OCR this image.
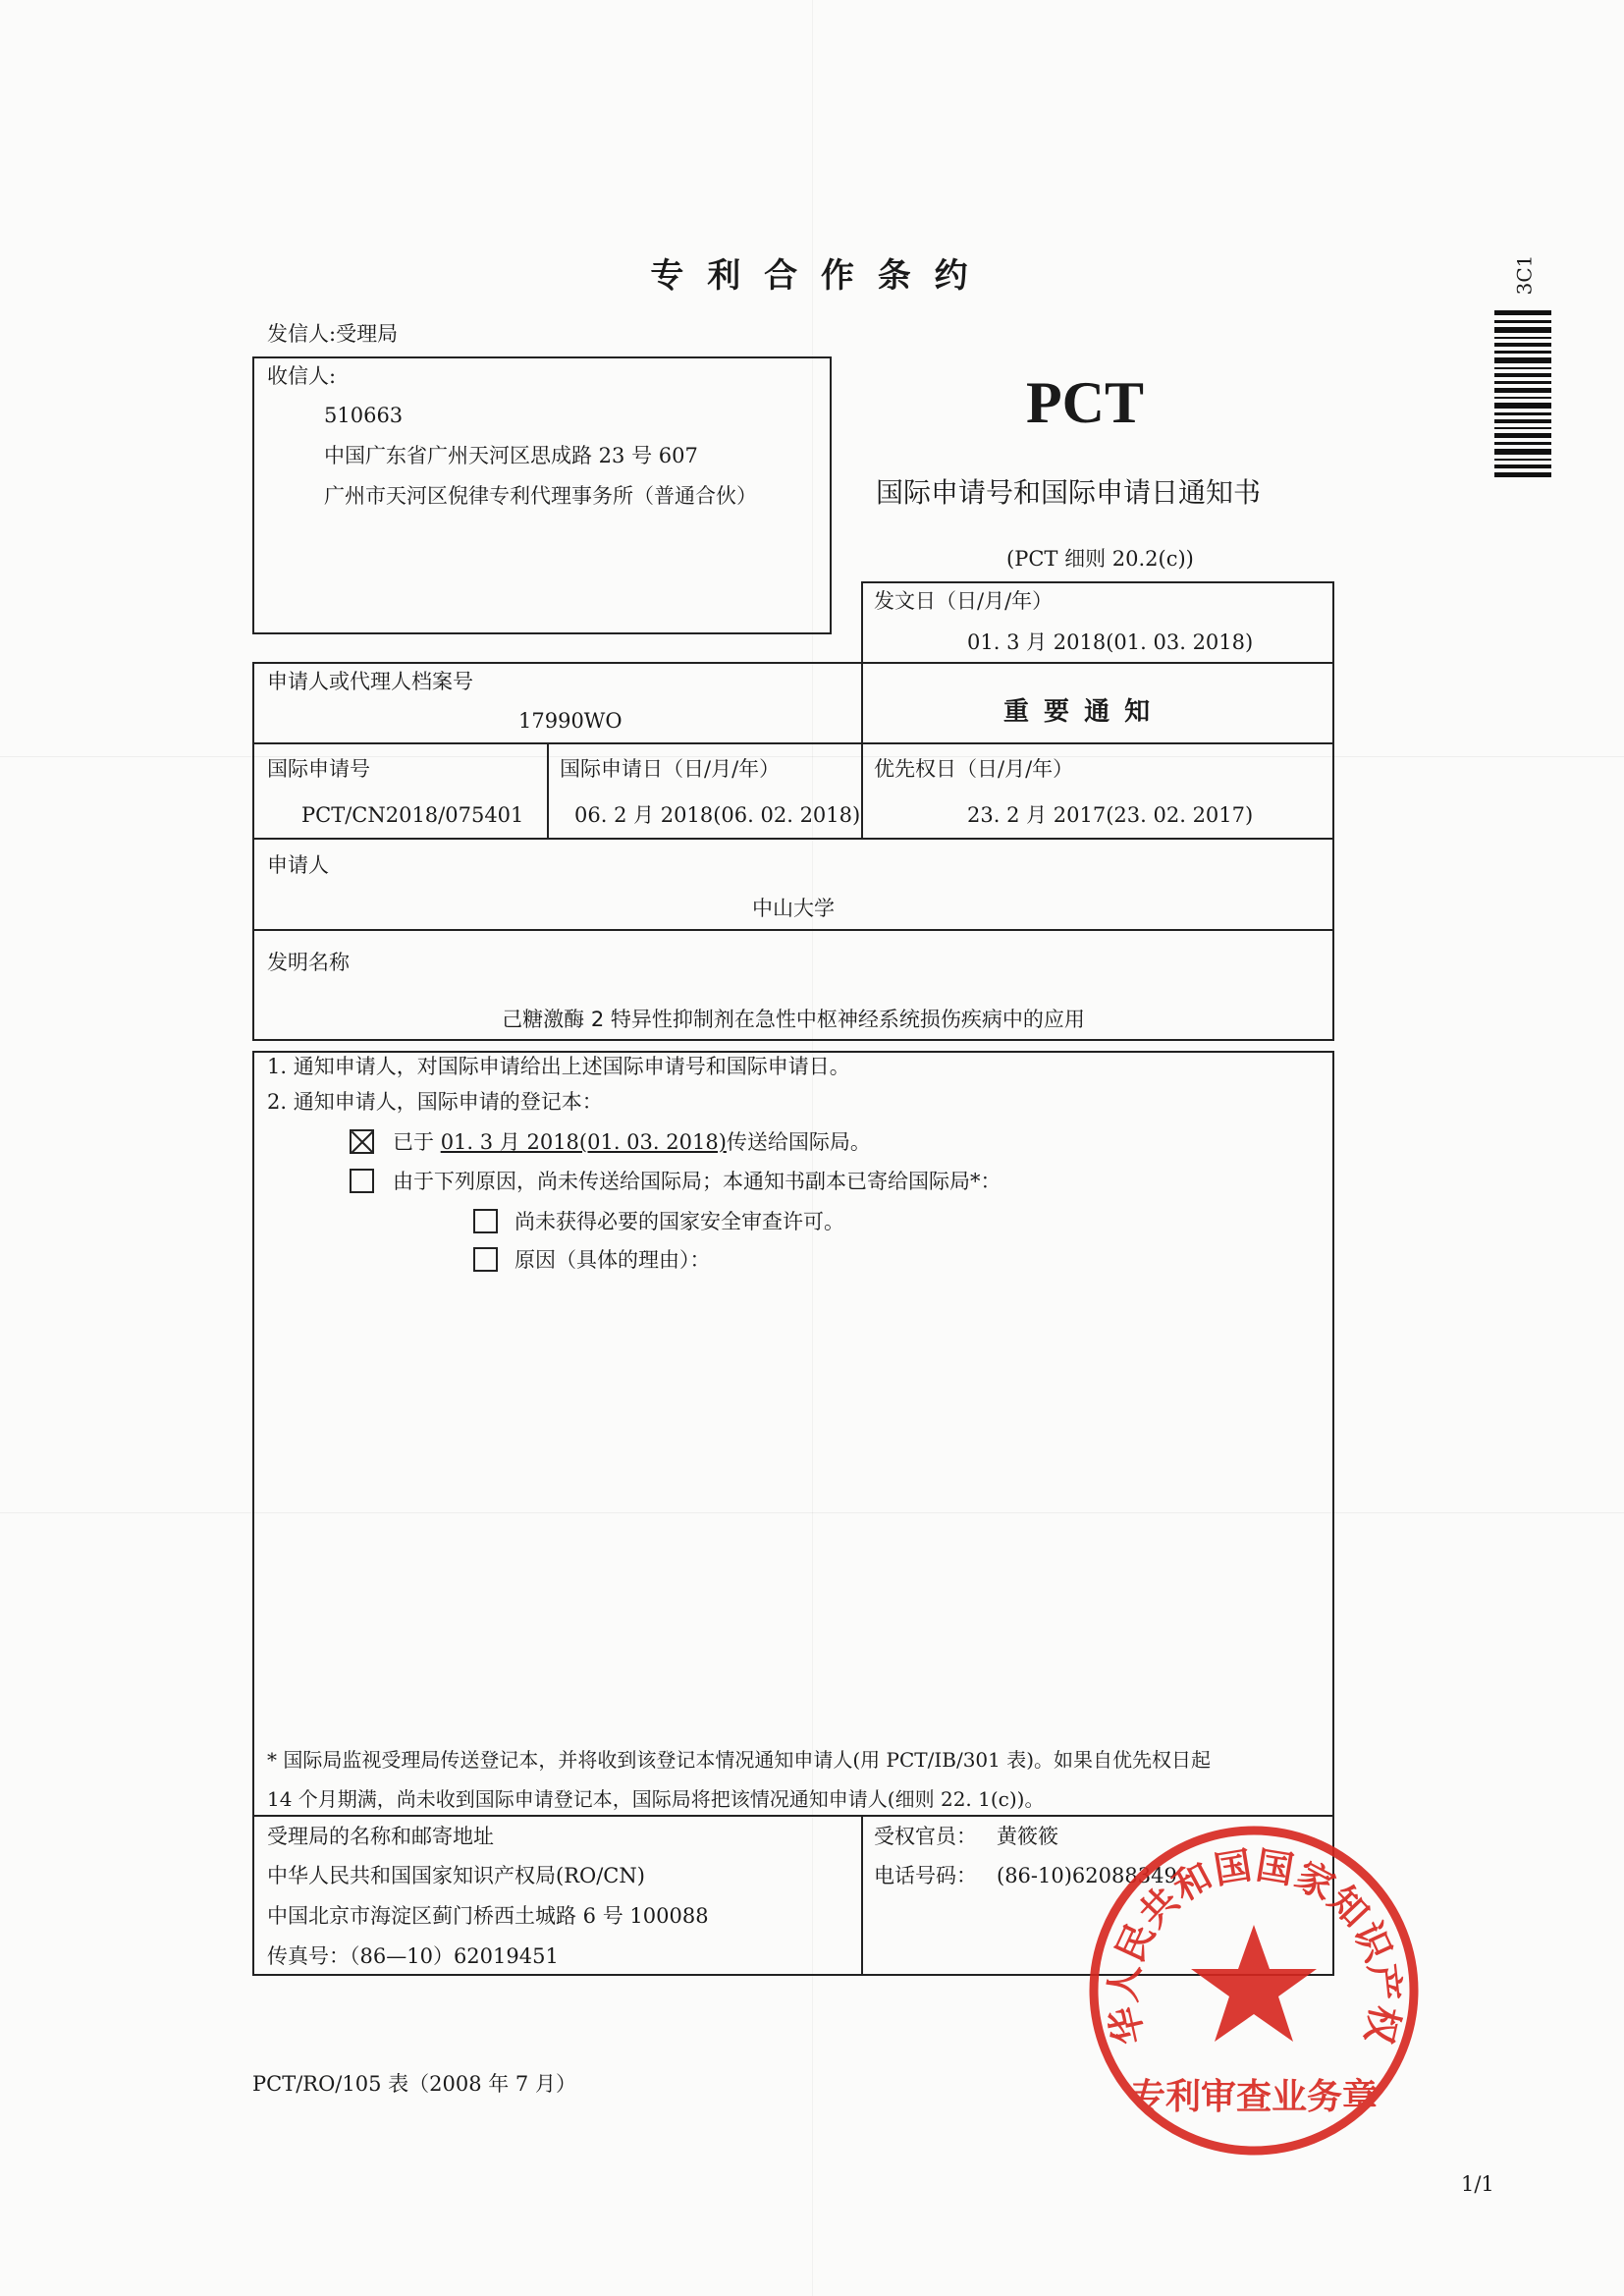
专 利 合 作 条 约
发信人:受理局
3C1
收信人:
510663
中国广东省广州天河区思成路 23 号 607
广州市天河区倪律专利代理事务所（普通合伙）
PCT
国际申请号和国际申请日通知书
(PCT 细则 20.2(c))
发文日（日/月/年）
01. 3 月 2018(01. 03. 2018)
申请人或代理人档案号
17990WO	重 要 通 知
国际申请号
PCT/CN2018/075401
国际申请日（日/月/年）
06. 2 月 2018(06. 02. 2018)
优先权日（日/月/年）
23. 2 月 2017(23. 02. 2017)
申请人
中山大学
发明名称
己糖激酶 2 特异性抑制剂在急性中枢神经系统损伤疾病中的应用
1. 通知申请人，对国际申请给出上述国际申请号和国际申请日。
2. 通知申请人，国际申请的登记本：
已于 01. 3 月 2018(01. 03. 2018)传送给国际局。
由于下列原因，尚未传送给国际局；本通知书副本已寄给国际局*：
尚未获得必要的国家安全审查许可。
原因（具体的理由）：
* 国际局监视受理局传送登记本，并将收到该登记本情况通知申请人(用 PCT/IB/301 表)。如果自优先权日起
14 个月期满，尚未收到国际申请登记本，国际局将把该情况通知申请人(细则 22. 1(c))。
受理局的名称和邮寄地址
中华人民共和国国家知识产权局(RO/CN)
中国北京市海淀区蓟门桥西土城路 6 号 100088
传真号：（86—10）62019451
受权官员： 黄筱筱
电话号码： (86-10)62088349
华人民共和国国家知识产权
专利审查业务章
PCT/RO/105 表（2008 年 7 月）
1/1
